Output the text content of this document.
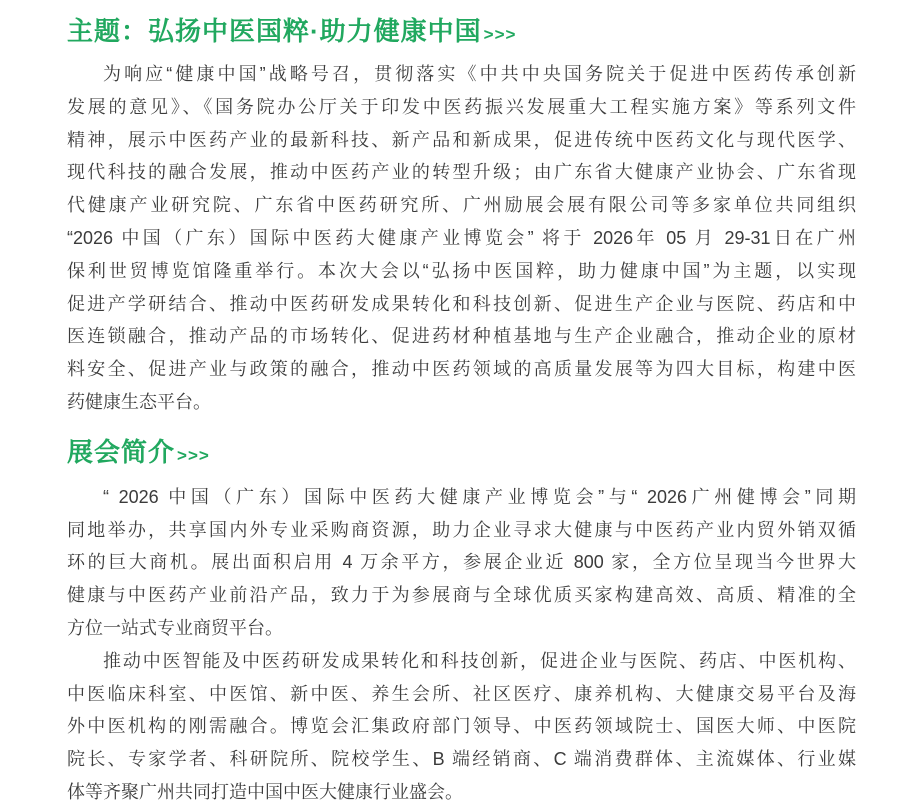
主题：弘扬中医国粹·助力健康中国 >>>
为响应“健康中国”战略号召，贯彻落实《中共中央国务院关于促进中医药传承创新
发展的意见》、《国务院办公厅关于印发中医药振兴发展重大工程实施方案》等系列文件
精神，展示中医药产业的最新科技、新产品和新成果，促进传统中医药文化与现代医学、
现代科技的融合发展，推动中医药产业的转型升级；由广东省大健康产业协会、广东省现
代健康产业研究院、广东省中医药研究所、广州励展会展有限公司等多家单位共同组织
“2026 中国（广东）国际中医药大健康产业博览会” 将于 2026年 05 月 29-31日在广州
保利世贸博览馆隆重举行。本次大会以“弘扬中医国粹，助力健康中国”为主题，以实现
促进产学研结合、推动中医药研发成果转化和科技创新、促进生产企业与医院、药店和中
医连锁融合，推动产品的市场转化、促进药材种植基地与生产企业融合，推动企业的原材
料安全、促进产业与政策的融合，推动中医药领域的高质量发展等为四大目标，构建中医
药健康生态平台。
展会简介 >>>
“ 2026 中国（广东）国际中医药大健康产业博览会”与“ 2026广州健博会”同期
同地举办，共享国内外专业采购商资源，助力企业寻求大健康与中医药产业内贸外销双循
环的巨大商机。展出面积启用 4 万余平方，参展企业近 800 家，全方位呈现当今世界大
健康与中医药产业前沿产品，致力于为参展商与全球优质买家构建高效、高质、精准的全
方位一站式专业商贸平台。
推动中医智能及中医药研发成果转化和科技创新，促进企业与医院、药店、中医机构、
中医临床科室、中医馆、新中医、养生会所、社区医疗、康养机构、大健康交易平台及海
外中医机构的刚需融合。博览会汇集政府部门领导、中医药领域院士、国医大师、中医院
院长、专家学者、科研院所、院校学生、B 端经销商、C 端消费群体、主流媒体、行业媒
体等齐聚广州共同打造中国中医大健康行业盛会。
